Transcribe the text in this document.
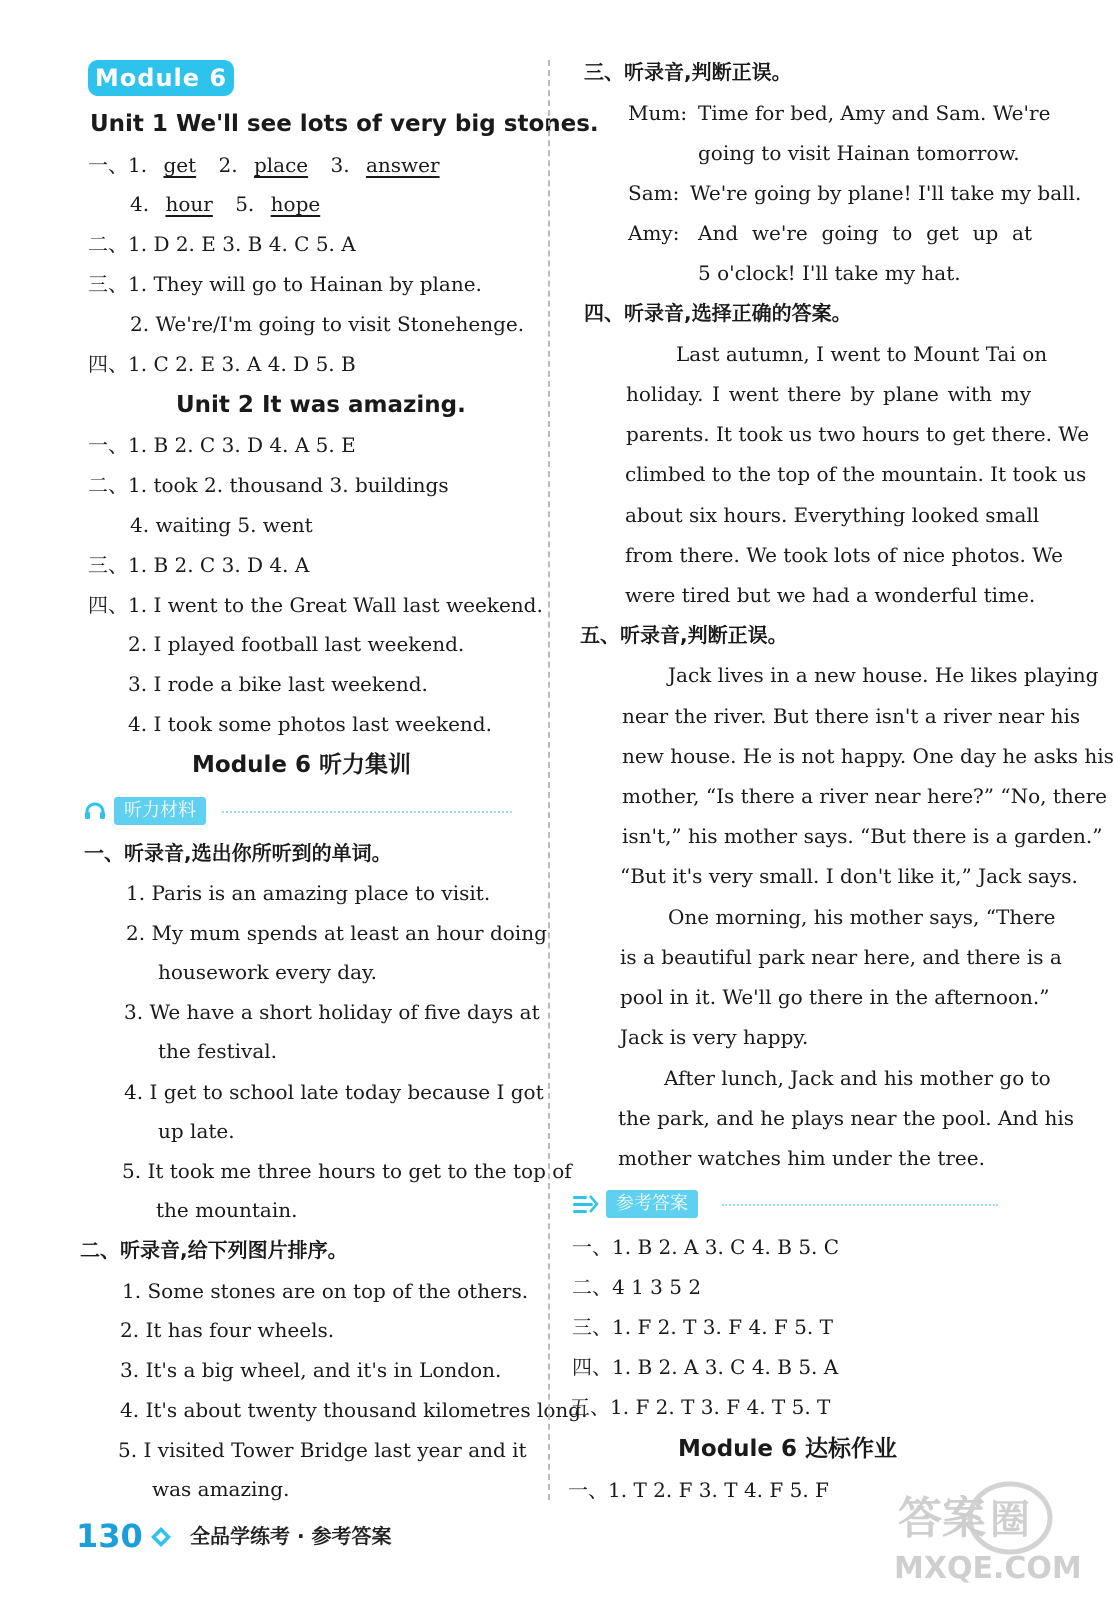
Module 6
Unit 1 We'll see lots of very big stones.
一、1. get 2. place 3. answer
4. hour 5. hope
二、1. D 2. E 3. B 4. C 5. A
三、1. They will go to Hainan by plane.
2. We're/I'm going to visit Stonehenge.
四、1. C 2. E 3. A 4. D 5. B
Unit 2 It was amazing.
一、1. B 2. C 3. D 4. A 5. E
二、1. took 2. thousand 3. buildings
4. waiting 5. went
三、1. B 2. C 3. D 4. A
四、1. I went to the Great Wall last weekend.
2. I played football last weekend.
3. I rode a bike last weekend.
4. I took some photos last weekend.
Module 6 听力集训
听力材料
一、听录音,选出你所听到的单词。
1. Paris is an amazing place to visit.
2. My mum spends at least an hour doing
housework every day.
3. We have a short holiday of five days at
the festival.
4. I get to school late today because I got
up late.
5. It took me three hours to get to the top of
the mountain.
二、听录音,给下列图片排序。
1. Some stones are on top of the others.
2. It has four wheels.
3. It's a big wheel, and it's in London.
4. It's about twenty thousand kilometres long.
5. I visited Tower Bridge last year and it
was amazing.
三、听录音,判断正误。
Mum: Time for bed, Amy and Sam. We're
going to visit Hainan tomorrow.
Sam: We're going by plane! I'll take my ball.
Amy: And we're going to get up at
5 o'clock! I'll take my hat.
四、听录音,选择正确的答案。
Last autumn, I went to Mount Tai on
holiday. I went there by plane with my
parents. It took us two hours to get there. We
climbed to the top of the mountain. It took us
about six hours. Everything looked small
from there. We took lots of nice photos. We
were tired but we had a wonderful time.
五、听录音,判断正误。
Jack lives in a new house. He likes playing
near the river. But there isn't a river near his
new house. He is not happy. One day he asks his
mother, “Is there a river near here?” “No, there
isn't,” his mother says. “But there is a garden.”
“But it's very small. I don't like it,” Jack says.
One morning, his mother says, “There
is a beautiful park near here, and there is a
pool in it. We'll go there in the afternoon.”
Jack is very happy.
After lunch, Jack and his mother go to
the park, and he plays near the pool. And his
mother watches him under the tree.
参考答案
一、1. B 2. A 3. C 4. B 5. C
二、4 1 3 5 2
三、1. F 2. T 3. F 4. F 5. T
四、1. B 2. A 3. C 4. B 5. A
五、1. F 2. T 3. F 4. T 5. T
Module 6 达标作业
一、1. T 2. F 3. T 4. F 5. F
130 全品学练考 · 参考答案	答案 圈
MXQE.COM
